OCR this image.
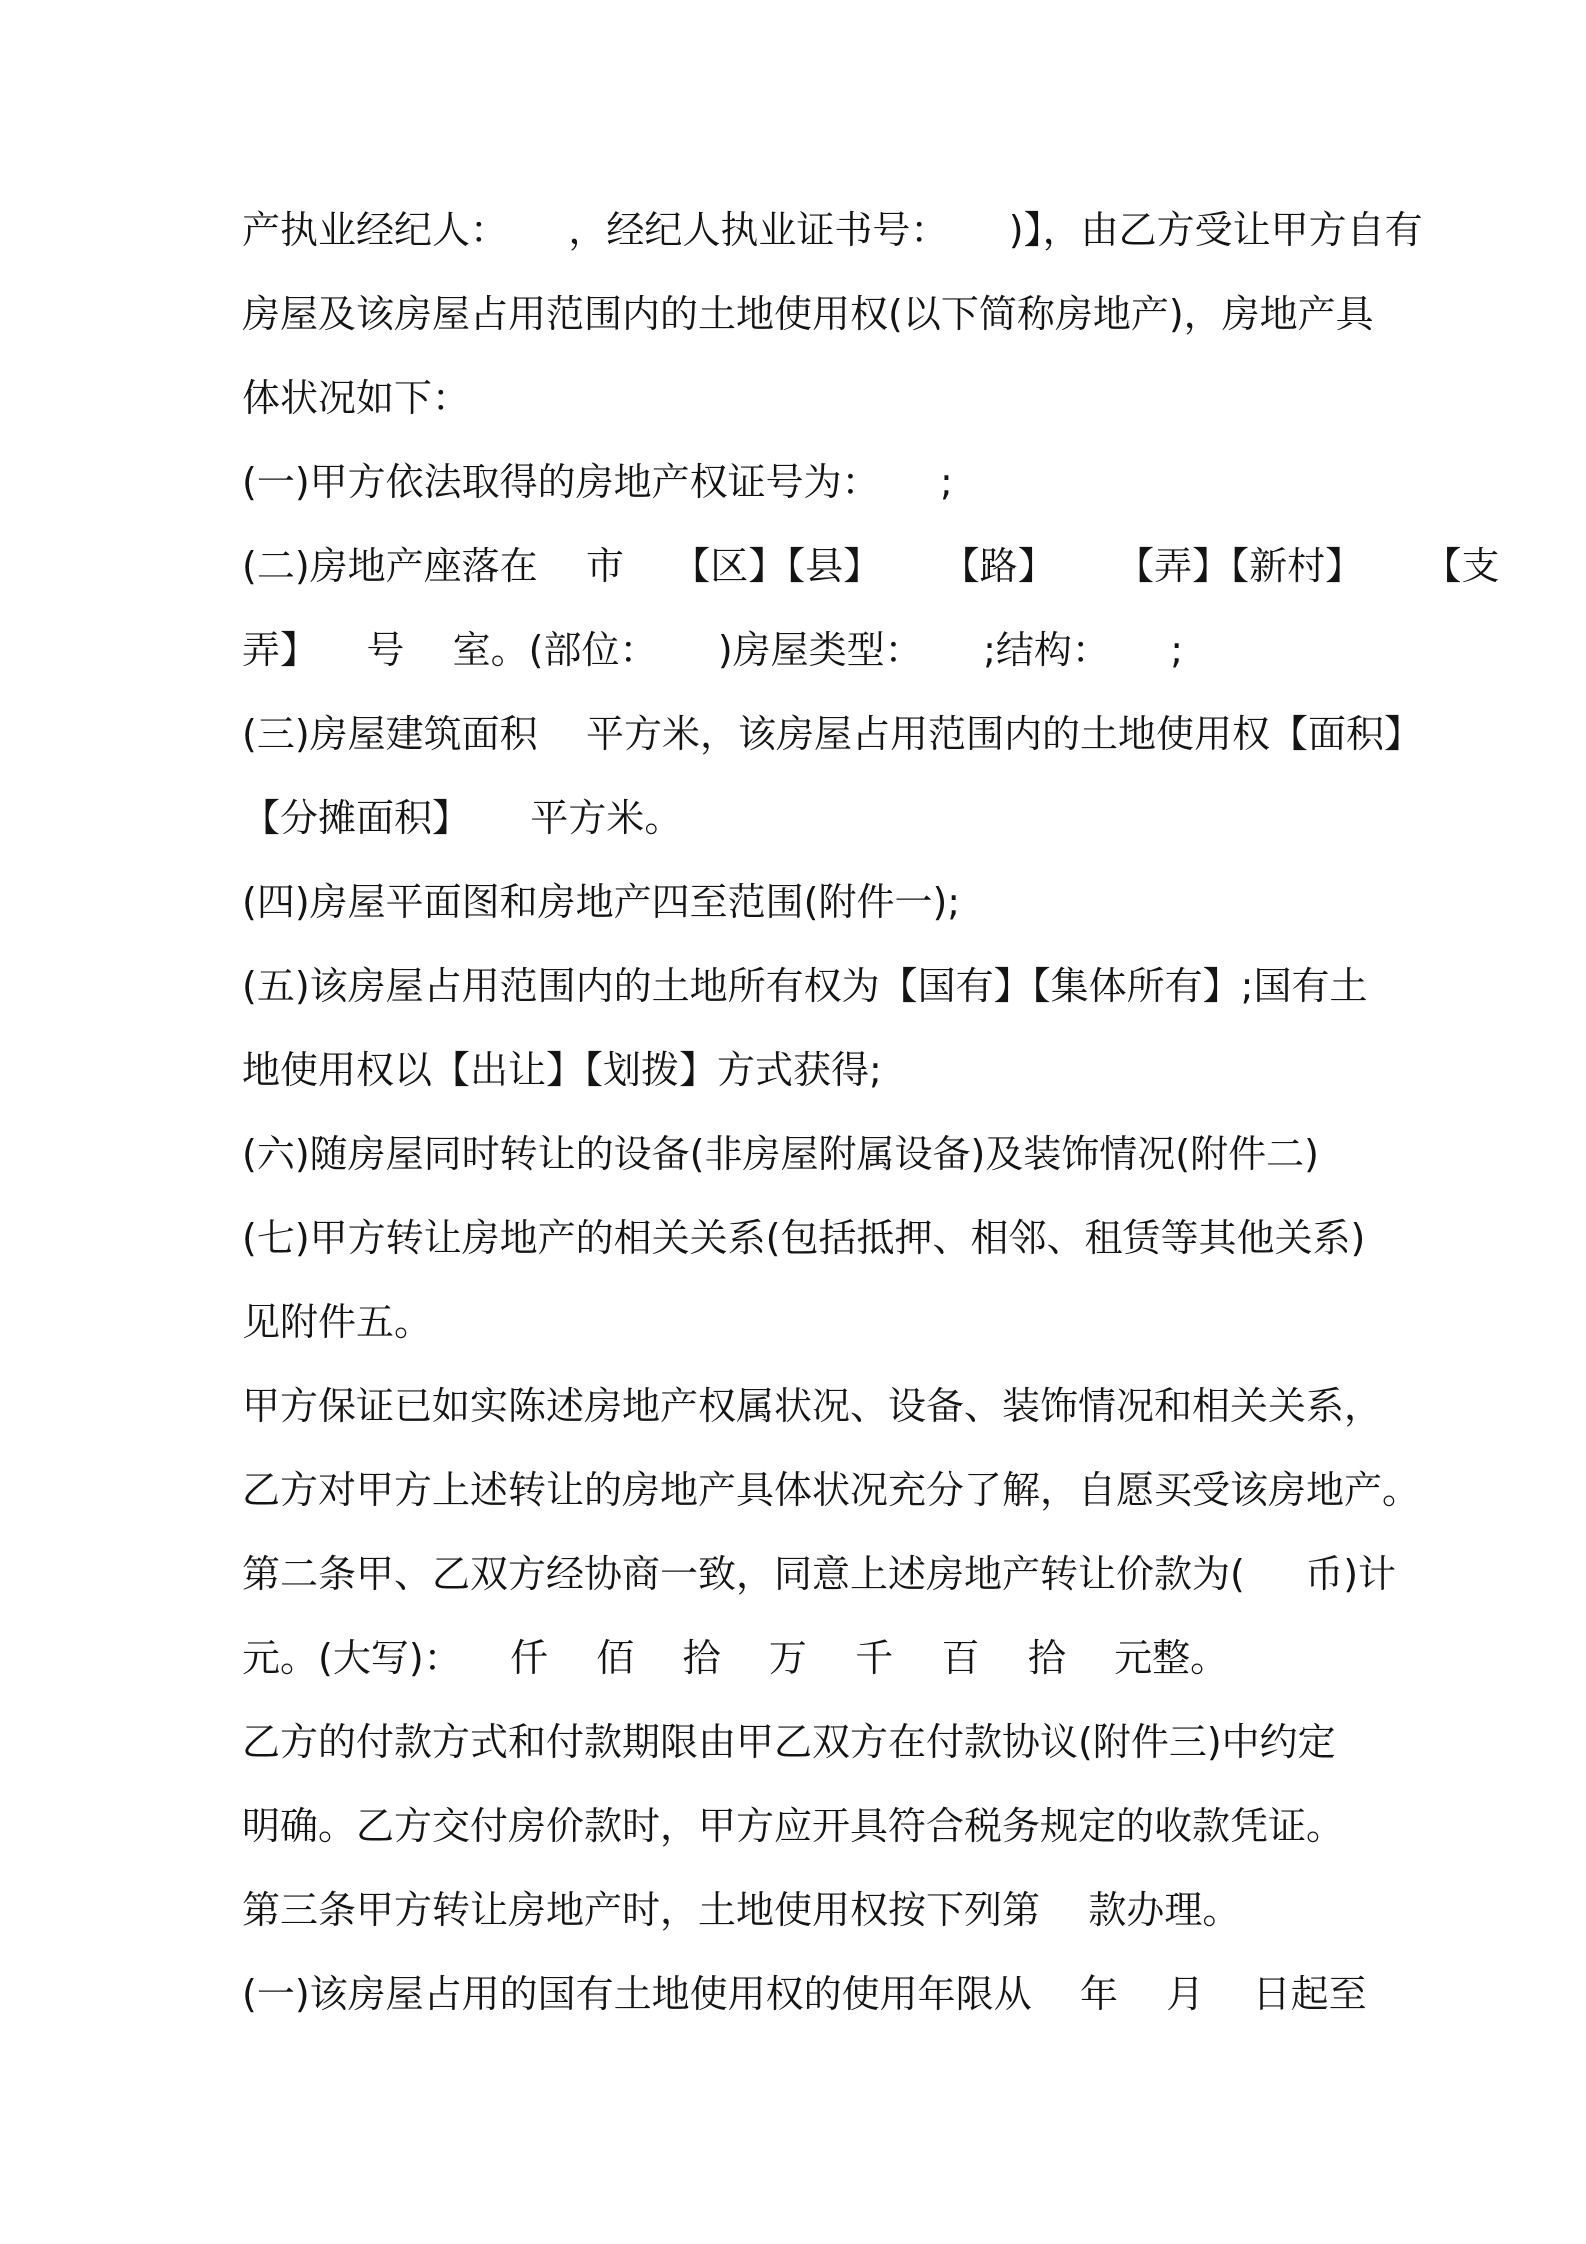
产执业经纪人：     ，经纪人执业证书号：     )】，由乙方受让甲方自有
房屋及该房屋占用范围内的土地使用权(以下简称房地产)，房地产具
体状况如下：
(一)甲方依法取得的房地产权证号为：     ;
(二)房地产座落在    市    【区】【县】     【路】     【弄】【新村】     【支
弄】    号    室。(部位：     )房屋类型：     ;结构：     ;
(三)房屋建筑面积    平方米，该房屋占用范围内的土地使用权【面积】
【分摊面积】     平方米。
(四)房屋平面图和房地产四至范围(附件一);
(五)该房屋占用范围内的土地所有权为【国有】【集体所有】;国有土
地使用权以【出让】【划拨】方式获得;
(六)随房屋同时转让的设备(非房屋附属设备)及装饰情况(附件二)
(七)甲方转让房地产的相关关系(包括抵押、相邻、租赁等其他关系)
见附件五。
甲方保证已如实陈述房地产权属状况、设备、装饰情况和相关关系，
乙方对甲方上述转让的房地产具体状况充分了解，自愿买受该房地产。
第二条甲、乙双方经协商一致，同意上述房地产转让价款为(     币)计
元。(大写)：    仟    佰    拾    万    千    百    拾    元整。
乙方的付款方式和付款期限由甲乙双方在付款协议(附件三)中约定
明确。乙方交付房价款时，甲方应开具符合税务规定的收款凭证。
第三条甲方转让房地产时，土地使用权按下列第    款办理。
(一)该房屋占用的国有土地使用权的使用年限从    年    月    日起至
